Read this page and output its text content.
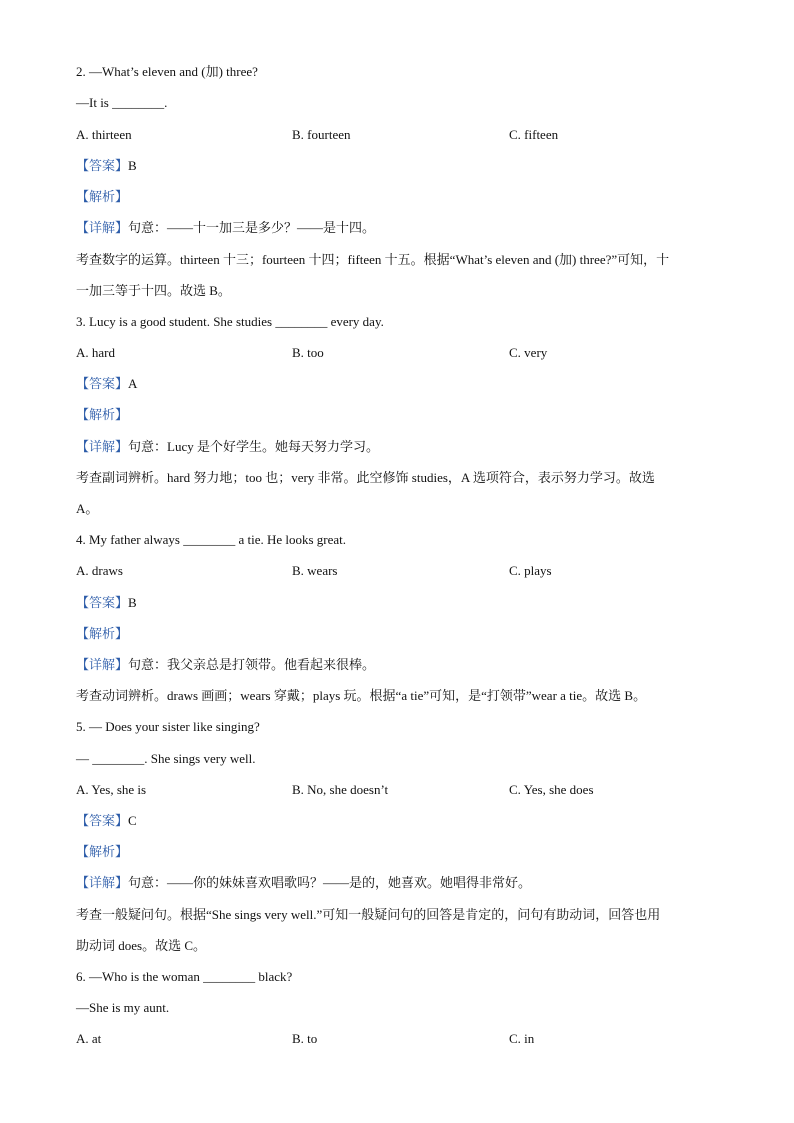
2. —What’s eleven and (加) three?
—It is ________.
A. thirteen	B. fourteen	C. fifteen
【答案】B
【解析】
【详解】句意：——十一加三是多少？——是十四。
考查数字的运算。thirteen 十三；fourteen 十四；fifteen 十五。根据“What’s eleven and (加) three?”可知，十
一加三等于十四。故选 B。
3. Lucy is a good student. She studies ________ every day.
A. hard	B. too	C. very
【答案】A
【解析】
【详解】句意：Lucy 是个好学生。她每天努力学习。
考查副词辨析。hard 努力地；too 也；very 非常。此空修饰 studies，A 选项符合，表示努力学习。故选
A。
4. My father always ________ a tie. He looks great.
A. draws	B. wears	C. plays
【答案】B
【解析】
【详解】句意：我父亲总是打领带。他看起来很棒。
考查动词辨析。draws 画画；wears 穿戴；plays 玩。根据“a tie”可知，是“打领带”wear a tie。故选 B。
5. — Does your sister like singing?
— ________. She sings very well.
A. Yes, she is	B. No, she doesn’t	C. Yes, she does
【答案】C
【解析】
【详解】句意：——你的妹妹喜欢唱歌吗？——是的，她喜欢。她唱得非常好。
考查一般疑问句。根据“She sings very well.”可知一般疑问句的回答是肯定的，问句有助动词，回答也用
助动词 does。故选 C。
6. —Who is the woman ________ black?
—She is my aunt.
A. at	B. to	C. in
